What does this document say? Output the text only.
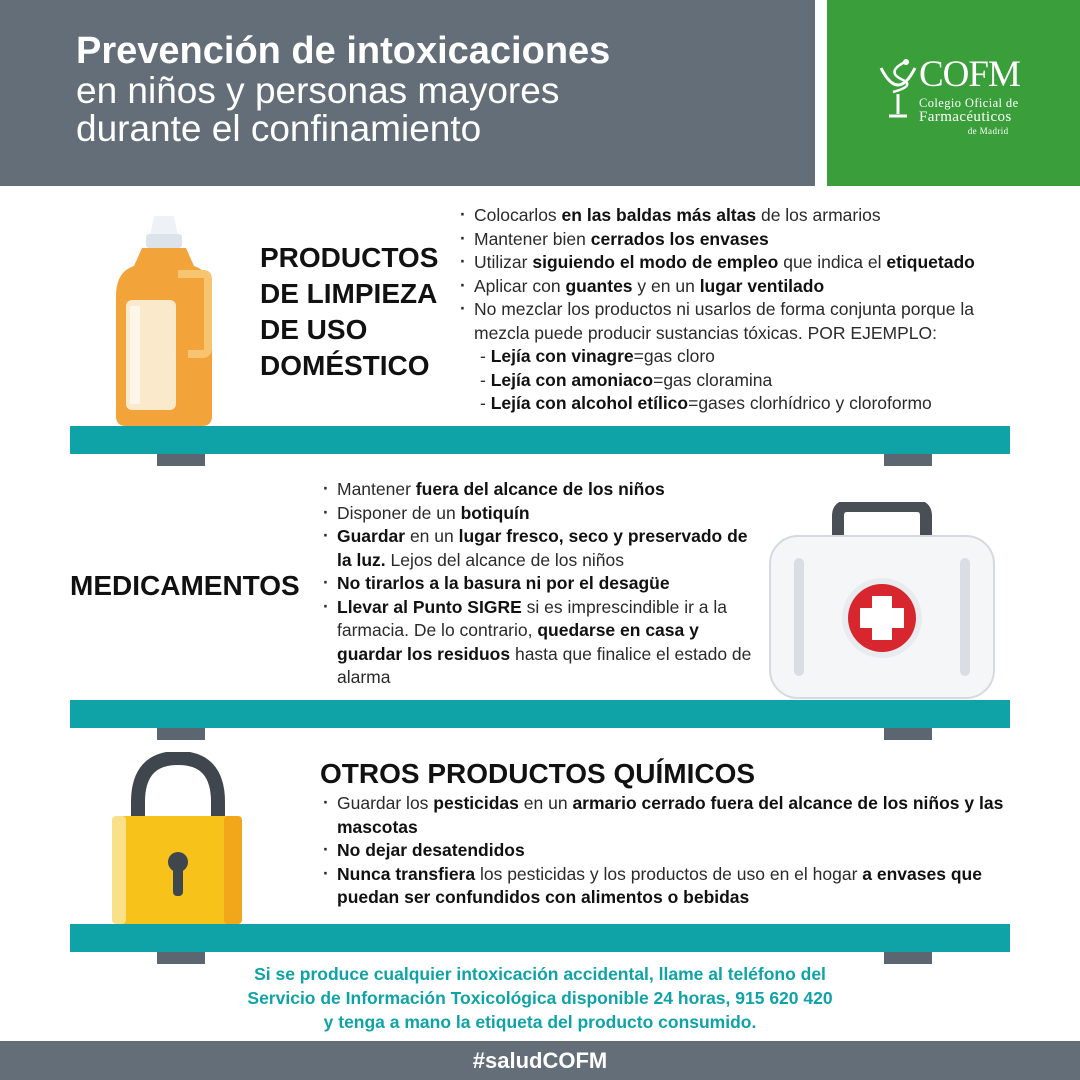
Prevención de intoxicaciones
en niños y personas mayores
durante el confinamiento
COFM
Colegio Oficial de
Farmacéuticos
de Madrid
PRODUCTOS
DE LIMPIEZA
DE USO
DOMÉSTICO
· Colocarlos en las baldas más altas de los armarios
· Mantener bien cerrados los envases
· Utilizar siguiendo el modo de empleo que indica el etiquetado
· Aplicar con guantes y en un lugar ventilado
· No mezclar los productos ni usarlos de forma conjunta porque la mezcla puede producir sustancias tóxicas. POR EJEMPLO:
- Lejía con vinagre=gas cloro
- Lejía con amoniaco=gas cloramina
- Lejía con alcohol etílico=gases clorhídrico y cloroformo
MEDICAMENTOS
· Mantener fuera del alcance de los niños
· Disponer de un botiquín
· Guardar en un lugar fresco, seco y preservado de la luz. Lejos del alcance de los niños
· No tirarlos a la basura ni por el desagüe
· Llevar al Punto SIGRE si es imprescindible ir a la farmacia. De lo contrario, quedarse en casa y guardar los residuos hasta que finalice el estado de alarma
OTROS PRODUCTOS QUÍMICOS
· Guardar los pesticidas en un armario cerrado fuera del alcance de los niños y las mascotas
· No dejar desatendidos
· Nunca transfiera los pesticidas y los productos de uso en el hogar a envases que puedan ser confundidos con alimentos o bebidas
Si se produce cualquier intoxicación accidental, llame al teléfono del
Servicio de Información Toxicológica disponible 24 horas, 915 620 420
y tenga a mano la etiqueta del producto consumido.
#saludCOFM
